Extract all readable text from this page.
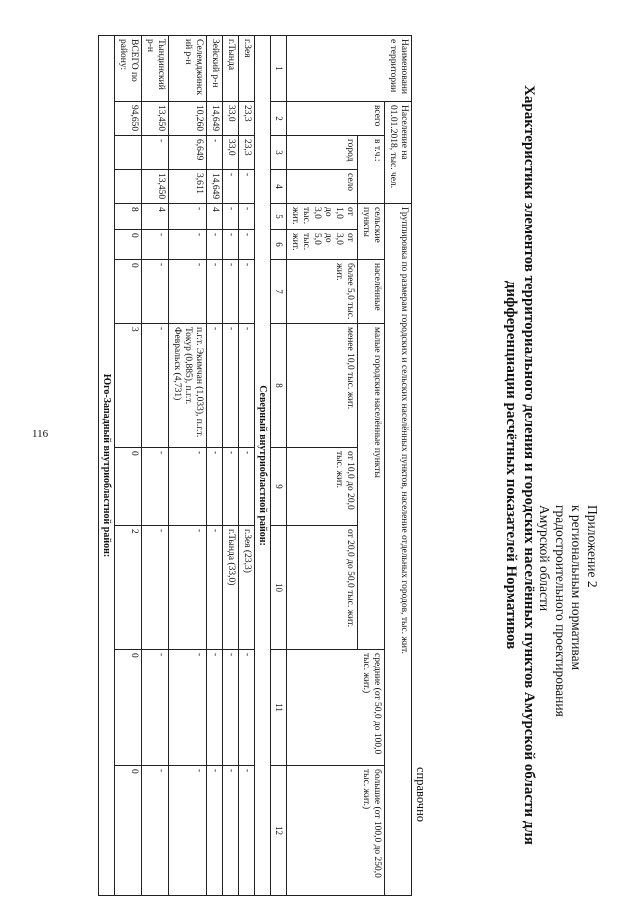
116
Приложение 2
к региональным нормативам
градостроительного проектирования
Амурской области
Характеристики элементов территориального деления и городских населённых пунктов Амурской области для
дифференциации расчётных показателей Нормативов
справочно
Наименование территории	Население на 01.01.2018, тыс. чел.			Группировка по размерам городских и сельских населённых пунктов, население отдельных городов, тыс. жит.							
	всего	в т.ч.:		сельские пункты		населённые	малые городские населённые пункты			средние (от 50,0 до 100,0 тыс. жит.)	большие (от 100,0 до 250,0 тыс. жит.)
		город	село	от 1,0 до 3,0 тыс. жит.	от 3,0 до 5,0 тыс. жит.	более 5,0 тыс. жит.	менее 10,0 тыс. жит.	от 10,0 до 20,0 тыс. жит.	от 20,0 до 50,0 тыс. жит.		
1	2	3	4	5	6	7	8	9	10	11	12
Северный внутриобластной район:											
г.Зея	23,3	23,3	-	-	-	-	-	-	г.Зея (23,3)	-	-
г.Тында	33,0	33,0	-	-	-	-	-	-	г.Тында (33,0)	-	-
Зейский р-н	14,649	-	14,649	4	-	-	-	-	-	-	-
Селемджинский р-н	10,260	6,649	3,611	-	-	-	п.г.т. Экимчан (1,033), п.г.т. Токур (0,885), п.г.т. Февральск (4,731)	-	-	-	-
Тындинский р-н	13,450	-	13,450	4	-	-	-	-	-	-	-
ВСЕГО по району:	94,650			8	0	0	3	0	2	0	0
Юго-Западный внутриобластной район:											
